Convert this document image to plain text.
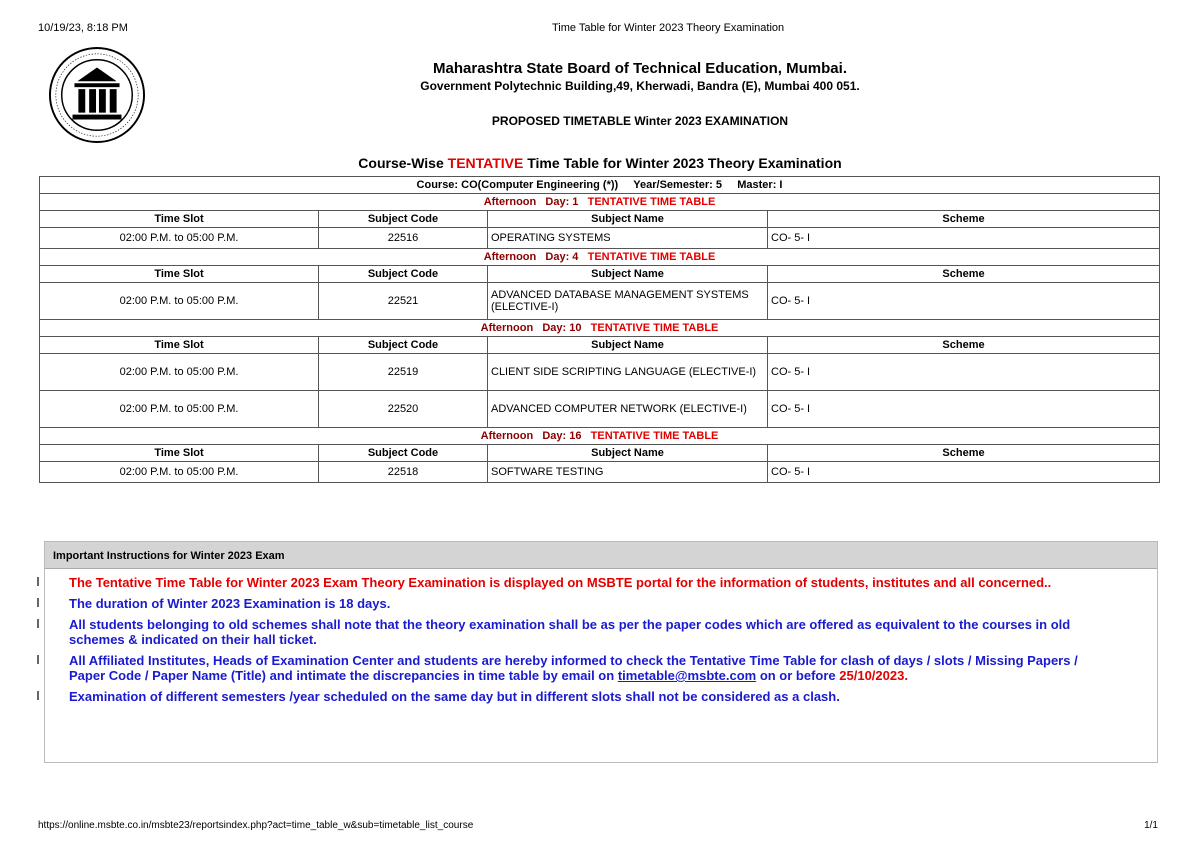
10/19/23, 8:18 PM	Time Table for Winter 2023 Theory Examination
Maharashtra State Board of Technical Education, Mumbai.
Government Polytechnic Building,49, Kherwadi, Bandra (E), Mumbai 400 051.
PROPOSED TIMETABLE Winter 2023 EXAMINATION
Course-Wise TENTATIVE Time Table for Winter 2023 Theory Examination
Course: CO(Computer Engineering (*))     Year/Semester: 5     Master: I			
Afternoon Day: 1 TENTATIVE TIME TABLE			
Time Slot	Subject Code	Subject Name	Scheme
02:00 P.M. to 05:00 P.M.	22516	OPERATING SYSTEMS	CO- 5- I
Afternoon Day: 4 TENTATIVE TIME TABLE			
Time Slot	Subject Code	Subject Name	Scheme
02:00 P.M. to 05:00 P.M.	22521	ADVANCED DATABASE MANAGEMENT SYSTEMS (ELECTIVE-I)	CO- 5- I
Afternoon Day: 10 TENTATIVE TIME TABLE			
Time Slot	Subject Code	Subject Name	Scheme
02:00 P.M. to 05:00 P.M.	22519	CLIENT SIDE SCRIPTING LANGUAGE (ELECTIVE-I)	CO- 5- I
02:00 P.M. to 05:00 P.M.	22520	ADVANCED COMPUTER NETWORK (ELECTIVE-I)	CO- 5- I
Afternoon Day: 16 TENTATIVE TIME TABLE			
Time Slot	Subject Code	Subject Name	Scheme
02:00 P.M. to 05:00 P.M.	22518	SOFTWARE TESTING	CO- 5- I
Important Instructions for Winter 2023 Exam
The Tentative Time Table for Winter 2023 Exam Theory Examination is displayed on MSBTE portal for the information of students, institutes and all concerned..
The duration of Winter 2023 Examination is 18 days.
All students belonging to old schemes shall note that the theory examination shall be as per the paper codes which are offered as equivalent to the courses in old schemes & indicated on their hall ticket.
All Affiliated Institutes, Heads of Examination Center and students are hereby informed to check the Tentative Time Table for clash of days / slots / Missing Papers / Paper Code / Paper Name (Title) and intimate the discrepancies in time table by email on timetable@msbte.com on or before 25/10/2023.
Examination of different semesters /year scheduled on the same day but in different slots shall not be considered as a clash.
https://online.msbte.co.in/msbte23/reportsindex.php?act=time_table_w&sub=timetable_list_course	1/1
